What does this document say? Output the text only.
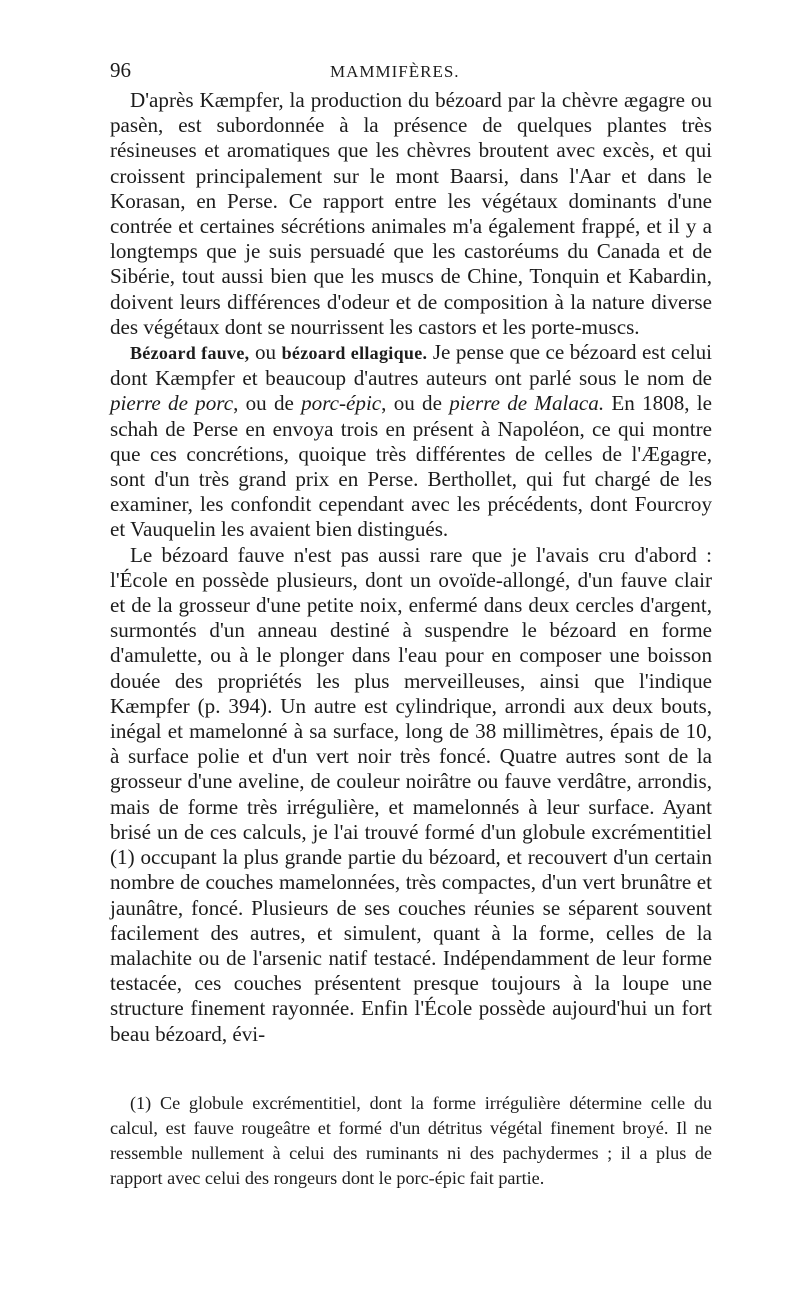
96	MAMMIFÈRES.

D'après Kæmpfer, la production du bézoard par la chèvre ægagre ou pasèn, est subordonnée à la présence de quelques plantes très résineuses et aromatiques que les chèvres broutent avec excès, et qui croissent principalement sur le mont Baarsi, dans l'Aar et dans le Korasan, en Perse. Ce rapport entre les végétaux dominants d'une contrée et certaines sécrétions animales m'a également frappé, et il y a longtemps que je suis persuadé que les castoréums du Canada et de Sibérie, tout aussi bien que les muscs de Chine, Tonquin et Kabardin, doivent leurs différences d'odeur et de composition à la nature diverse des végétaux dont se nourrissent les castors et les porte-muscs.

Bézoard fauve, ou bézoard ellagique. Je pense que ce bézoard est celui dont Kæmpfer et beaucoup d'autres auteurs ont parlé sous le nom de pierre de porc, ou de porc-épic, ou de pierre de Malaca. En 1808, le schah de Perse en envoya trois en présent à Napoléon, ce qui montre que ces concrétions, quoique très différentes de celles de l'Ægagre, sont d'un très grand prix en Perse. Berthollet, qui fut chargé de les examiner, les confondit cependant avec les précédents, dont Fourcroy et Vauquelin les avaient bien distingués.

Le bézoard fauve n'est pas aussi rare que je l'avais cru d'abord : l'École en possède plusieurs, dont un ovoïde-allongé, d'un fauve clair et de la grosseur d'une petite noix, enfermé dans deux cercles d'argent, surmontés d'un anneau destiné à suspendre le bézoard en forme d'amulette, ou à le plonger dans l'eau pour en composer une boisson douée des propriétés les plus merveilleuses, ainsi que l'indique Kæmpfer (p. 394). Un autre est cylindrique, arrondi aux deux bouts, inégal et mamelonné à sa surface, long de 38 millimètres, épais de 10, à surface polie et d'un vert noir très foncé. Quatre autres sont de la grosseur d'une aveline, de couleur noirâtre ou fauve verdâtre, arrondis, mais de forme très irrégulière, et mamelonnés à leur surface. Ayant brisé un de ces calculs, je l'ai trouvé formé d'un globule excrémentitiel (1) occupant la plus grande partie du bézoard, et recouvert d'un certain nombre de couches mamelonnées, très compactes, d'un vert brunâtre et jaunâtre, foncé. Plusieurs de ses couches réunies se séparent souvent facilement des autres, et simulent, quant à la forme, celles de la malachite ou de l'arsenic natif testacé. Indépendamment de leur forme testacée, ces couches présentent presque toujours à la loupe une structure finement rayonnée. Enfin l'École possède aujourd'hui un fort beau bézoard, évi-

(1) Ce globule excrémentitiel, dont la forme irrégulière détermine celle du calcul, est fauve rougeâtre et formé d'un détritus végétal finement broyé. Il ne ressemble nullement à celui des ruminants ni des pachydermes ; il a plus de rapport avec celui des rongeurs dont le porc-épic fait partie.
